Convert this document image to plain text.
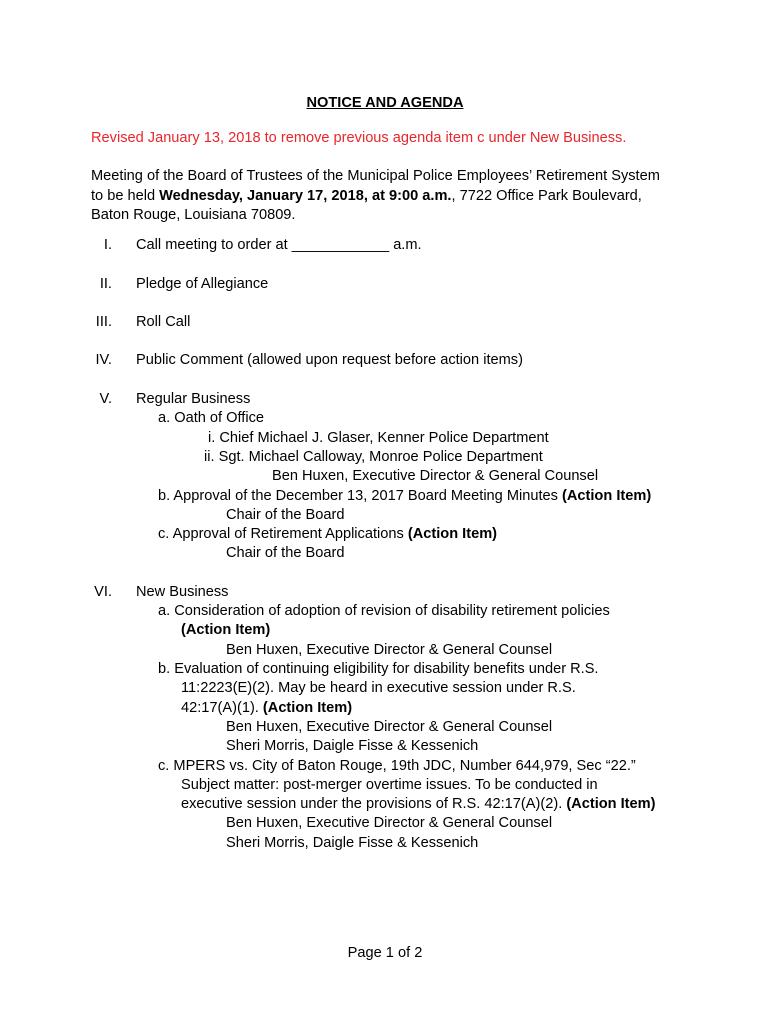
NOTICE AND AGENDA
Revised January 13, 2018 to remove previous agenda item c under New Business.
Meeting of the Board of Trustees of the Municipal Police Employees’ Retirement System to be held Wednesday, January 17, 2018, at 9:00 a.m., 7722 Office Park Boulevard, Baton Rouge, Louisiana 70809.
I. Call meeting to order at ____________ a.m.
II. Pledge of Allegiance
III. Roll Call
IV. Public Comment (allowed upon request before action items)
V. Regular Business
a. Oath of Office
i. Chief Michael J. Glaser, Kenner Police Department
ii. Sgt. Michael Calloway, Monroe Police Department
Ben Huxen, Executive Director & General Counsel
b. Approval of the December 13, 2017 Board Meeting Minutes (Action Item)
Chair of the Board
c. Approval of Retirement Applications (Action Item)
Chair of the Board
VI. New Business
a. Consideration of adoption of revision of disability retirement policies
(Action Item)
Ben Huxen, Executive Director & General Counsel
b. Evaluation of continuing eligibility for disability benefits under R.S.
11:2223(E)(2). May be heard in executive session under R.S.
42:17(A)(1). (Action Item)
Ben Huxen, Executive Director & General Counsel
Sheri Morris, Daigle Fisse & Kessenich
c. MPERS vs. City of Baton Rouge, 19th JDC, Number 644,979, Sec “22.”
Subject matter: post-merger overtime issues. To be conducted in
executive session under the provisions of R.S. 42:17(A)(2). (Action Item)
Ben Huxen, Executive Director & General Counsel
Sheri Morris, Daigle Fisse & Kessenich
Page 1 of 2
